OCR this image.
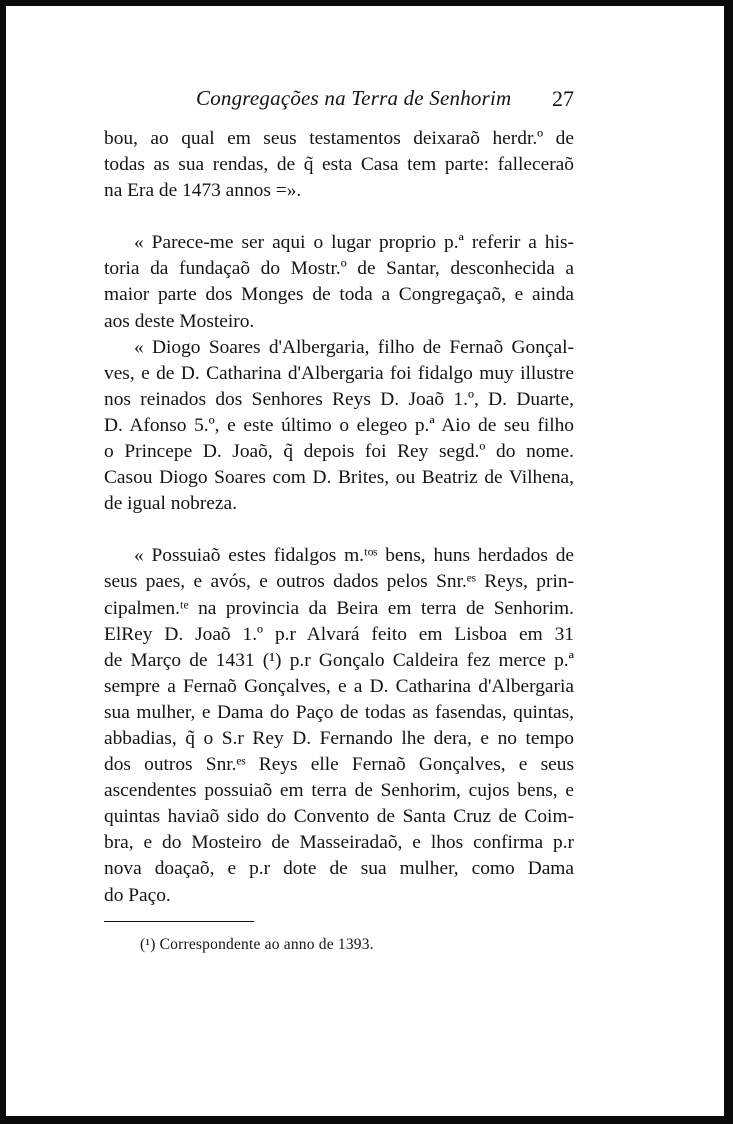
Congregações na Terra de Senhorim 27

bou, ao qual em seus testamentos deixaraõ herdr.º de
todas as sua rendas, de q̃ esta Casa tem parte: falleceraõ
na Era de 1473 annos =».

« Parece-me ser aqui o lugar proprio p.ª referir a his-
toria da fundaçaõ do Mostr.º de Santar, desconhecida a
maior parte dos Monges de toda a Congregaçaõ, e ainda
aos deste Mosteiro.

« Diogo Soares d'Albergaria, filho de Fernaõ Gonçal-
ves, e de D. Catharina d'Albergaria foi fidalgo muy illustre
nos reinados dos Senhores Reys D. Joaõ 1.º, D. Duarte,
D. Afonso 5.º, e este último o elegeo p.ª Aio de seu filho
o Princepe D. Joaõ, q̃ depois foi Rey segd.º do nome.
Casou Diogo Soares com D. Brites, ou Beatriz de Vilhena,
de igual nobreza.

« Possuiaõ estes fidalgos m.ᵗᵒˢ bens, huns herdados de
seus paes, e avós, e outros dados pelos Snr.ᵉˢ Reys, prin-
cipalmen.ᵗᵉ na provincia da Beira em terra de Senhorim.
ElRey D. Joaõ 1.º p.r Alvará feito em Lisboa em 31
de Março de 1431 (¹) p.r Gonçalo Caldeira fez merce p.ª
sempre a Fernaõ Gonçalves, e a D. Catharina d'Albergaria
sua mulher, e Dama do Paço de todas as fasendas, quintas,
abbadias, q̃ o S.r Rey D. Fernando lhe dera, e no tempo
dos outros Snr.ᵉˢ Reys elle Fernaõ Gonçalves, e seus
ascendentes possuiaõ em terra de Senhorim, cujos bens, e
quintas haviaõ sido do Convento de Santa Cruz de Coim-
bra, e do Mosteiro de Masseiradaõ, e lhos confirma p.r
nova doaçaõ, e p.r dote de sua mulher, como Dama
do Paço.

(¹) Correspondente ao anno de 1393.
